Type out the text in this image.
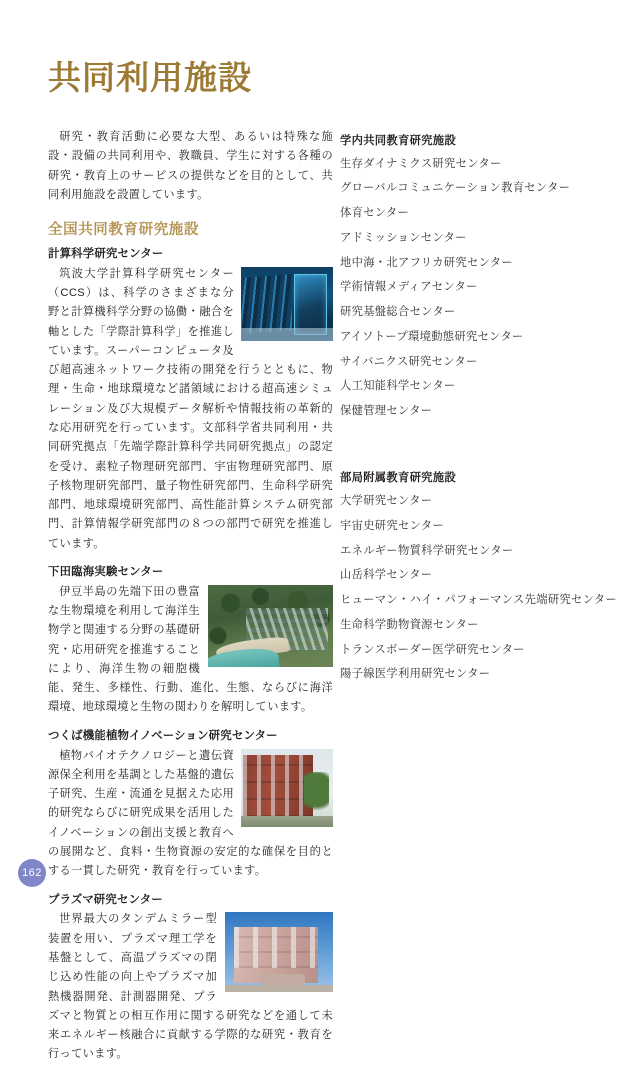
共同利用施設

研究・教育活動に必要な大型、あるいは特殊な施設・設備の共同利用や、教職員、学生に対する各種の研究・教育上のサービスの提供などを目的として、共同利用施設を設置しています。

全国共同教育研究施設
計算科学研究センター

筑波大学計算科学研究センター（CCS）は、科学のさまざまな分野と計算機科学分野の協働・融合を軸とした「学際計算科学」を推進しています。スーパーコンピュータ及び超高速ネットワーク技術の開発を行うとともに、物理・生命・地球環境など諸領域における超高速シミュレーション及び大規模データ解析や情報技術の革新的な応用研究を行っています。文部科学省共同利用・共同研究拠点「先端学際計算科学共同研究拠点」の認定を受け、素粒子物理研究部門、宇宙物理研究部門、原子核物理研究部門、量子物性研究部門、生命科学研究部門、地球環境研究部門、高性能計算システム研究部門、計算情報学研究部門の８つの部門で研究を推進しています。

下田臨海実験センター

伊豆半島の先端下田の豊富な生物環境を利用して海洋生物学と関連する分野の基礎研究・応用研究を推進することにより、海洋生物の細胞機能、発生、多様性、行動、進化、生態、ならびに海洋環境、地球環境と生物の関わりを解明しています。

つくば機能植物イノベーション研究センター

植物バイオテクノロジーと遺伝資源保全利用を基調とした基盤的遺伝子研究、生産・流通を見据えた応用的研究ならびに研究成果を活用したイノベーションの創出支援と教育への展開など、食料・生物資源の安定的な確保を目的とする一貫した研究・教育を行っています。

プラズマ研究センター

世界最大のタンデムミラー型装置を用い、プラズマ理工学を基盤として、高温プラズマの閉じ込め性能の向上やプラズマ加熱機器開発、計測器開発、プラズマと物質との相互作用に関する研究などを通して未来エネルギー核融合に貢献する学際的な研究・教育を行っています。

学内共同教育研究施設
生存ダイナミクス研究センター
グローバルコミュニケーション教育センター
体育センター
アドミッションセンター
地中海・北アフリカ研究センター
学術情報メディアセンター
研究基盤総合センター
アイソトープ環境動態研究センター
サイバニクス研究センター
人工知能科学センター
保健管理センター
部局附属教育研究施設
大学研究センター
宇宙史研究センター
エネルギー物質科学研究センター
山岳科学センター
ヒューマン・ハイ・パフォーマンス先端研究センター
生命科学動物資源センター
トランスボーダー医学研究センター
陽子線医学利用研究センター
162
